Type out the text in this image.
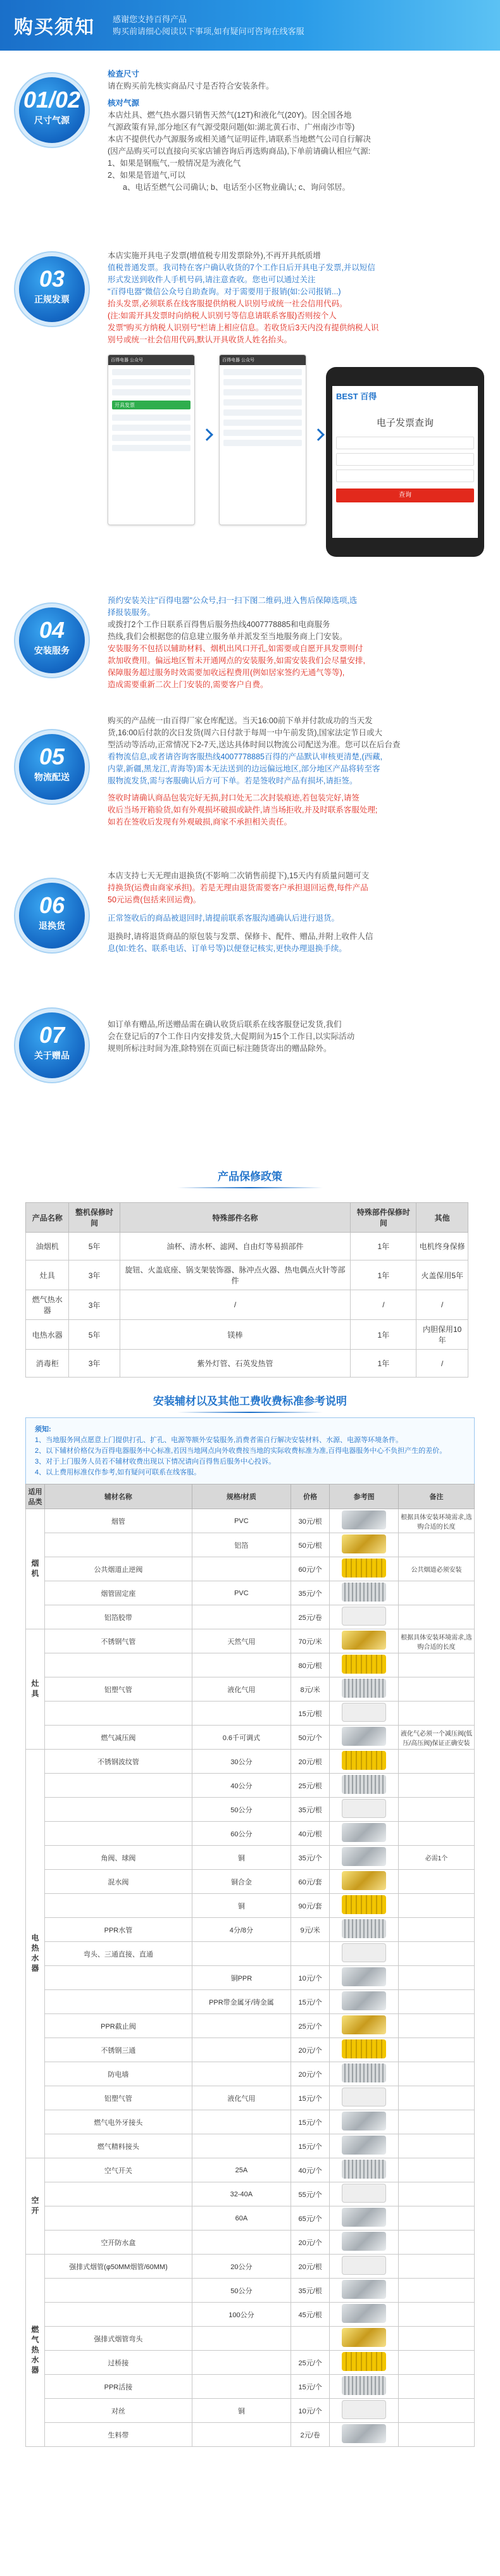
购买须知 感谢您支持百得产品
购买前请细心阅读以下事项,如有疑问可咨询在线客服
01/02
尺寸气源
检查尺寸
请在购买前先核实商品尺寸是否符合安装条件。
核对气源
本店灶具、燃气热水器只销售天然气(12T)和液化气(20Y)。因全国各地
气源政策有异,部分地区有气源受限问题(如:湖北黄石市、广州南沙市等)
本店不提供代办气源服务或相关通气证明证件,请联系当地燃气公司自行解决
(因产品购买可以直接向买家店铺咨询后再选购商品),下单前请确认相应气源:
1、如果是钢瓶气,一般情况是为液化气
2、如果是管道气,可以
a、电话至燃气公司确认; b、电话至小区物业确认; c、询问邻居。
03
正规发票
本店实施开具电子发票(增值税专用发票除外),不再开具纸质增
值税普通发票。我司特在客户确认收货的7个工作日后开具电子发票,并以短信
形式发送到收件人手机号码,请注意查收。您也可以通过关注
"百得电器"微信公众号自助查询。对于需要用于报销(如:公司报销...)
抬头发票,必须联系在线客服提供纳税人识别号或统一社会信用代码。
(注:如需开具发票时向纳税人识别号等信息请联系客服)否则按个人
发票"购买方纳税人识别号"栏请上相应信息。若收货后3天内没有提供纳税人识
别号或统一社会信用代码,默认开具收货人姓名抬头。
百得电器 公众号
开具发票
百得电器 公众号
BEST 百得
电子发票查询
查询
04
安装服务
预约安装关注"百得电器"公众号,扫一扫下图二维码,进入售后保障选项,选
择报装服务。
或拨打2个工作日联系百得售后服务热线4007778885和电商服务
热线,我们会根据您的信息建立服务单并派发至当地服务商上门安装。
安装服务不包括以辅助材料、烟机出风口开孔,如需要或自愿开具发票则付
款加收费用。偏远地区暂未开通网点的安装服务,如需安装我们会尽量安排,
保障服务超过服务时效需要加收远程费用(例如居家签约无通气等等),
造成需要重新二次上门安装的,需要客户自费。
05
物流配送
购买的产品统一由百得厂家仓库配送。当天16:00前下单并付款成功的当天发
货,16:00后付款的次日发货(周六日付款于每周一中午前发货),国家法定节日或大
型活动等活动,正常情况下2-7天,送达具体时间以物流公司配送为准。您可以在后台查
看物流信息,或者请咨询客服热线4007778885百得的产品默认审核更清楚,(西藏,
内蒙,新疆,黑龙江,青海等)需本无法送到的边远偏远地区,部分地区产品将转至客
服物流发货,需与客服确认后方可下单。若是签收时产品有损坏,请拒签。
签收时请确认商品包装完好无损,封口处无二次封装痕迹,若包装完好,请签
收后当场开箱验货,如有外观损坏破损或缺件,请当场拒收,并及时联系客服处理;
如若在签收后发现有外观破损,商家不承担相关责任。
06
退换货
本店支持七天无理由退换货(不影响二次销售前提下),15天内有质量问题可支
持换货(运费由商家承担)。若是无理由退货需要客户承担退回运费,每件产品
50元运费(包括来回运费)。
正常签收后的商品被退回时,请提前联系客服沟通确认后进行退货。
退换时,请将退货商品的原包装与发票、保修卡、配件、赠品,并附上收件人信
息(如:姓名、联系电话、订单号等)以便登记核实,更快办理退换手续。
07
关于赠品
如订单有赠品,所送赠品需在确认收货后联系在线客服登记发货,我们
会在登记后的7个工作日内安排发货,大促期间为15个工作日,以实际活动
规则所标注时间为准,除特别在页面已标注随货寄出的赠品除外。
产品保修政策
产品名称	整机保修时间	特殊部件名称	特殊部件保修时间	其他
油烟机	5年	油杯、清水杯、滤网、自由灯等易损部件	1年	电机终身保修
灶具	3年	旋钮、火盖底座、锅支架装饰器、脉冲点火器、热电偶点火针等部件	1年	火盖保用5年
燃气热水器	3年	/	/	/
电热水器	5年	镁棒	1年	内胆保用10年
消毒柜	3年	紫外灯管、石英发热管	1年	/
安装辅材以及其他工费收费标准参考说明
须知:
1、当地服务网点愿意上门提供打孔、扩孔、电源等额外安装服务,消费者需自行解决安装材料、水源、电源等环境条件。
2、以下辅材价格仅为百得电器服务中心标准,若因当地网点向外收费按当地的实际收费标准为准,百得电器服务中心不负担产生的差价。
3、对于上门服务人员若不辅材收费出现以下情况请向百得售后服务中心投诉。
4、以上费用标准仅作参考,如有疑问可联系在线客服。
适用品类	辅材名称	规格/材质	价格	参考图	备注
烟机	烟管	PVC	30元/根		根据具体安装环境需求,选购合适的长度
		铝箔	50元/根		
	公共烟道止逆阀		60元/个		公共烟道必须安装
	烟管固定座	PVC	35元/个		
	铝箔胶带		25元/卷		
灶具	不锈钢气管	天然气用	70元/米		根据具体安装环境需求,选购合适的长度
			80元/根		
	铝塑气管	液化气用	8元/米		
			15元/根		
	燃气减压阀	0.6千可调式	50元/个		液化气必须一个减压阀(低压/高压阀)保证正确安装
电热水器	不锈钢波纹管	30公分	20元/根		
		40公分	25元/根		
		50公分	35元/根		
		60公分	40元/根		
	角阀、球阀	铜	35元/个		必需1个
	混水阀	铜合金	60元/套		
		铜	90元/套		
	PPR水管	4分/8分	9元/米		
	弯头、三通直接、直通				
		铜PPR	10元/个		
		PPR带金属牙/铸金属	15元/个		
	PPR截止阀		25元/个		
	不锈钢三通		20元/个		
	防电墙		20元/个		
	铝塑气管	液化气用	15元/个		
	燃气电外牙接头		15元/个		
	燃气精料接头		15元/个		
空开	空气开关	25A	40元/个		
		32-40A	55元/个		
		60A	65元/个		
	空开防水盒		20元/个		
燃气热水器	强排式烟管(φ50MM烟管/60MM)	20公分	20元/根		
		50公分	35元/根		
		100公分	45元/根		
	强排式烟管弯头				
	过桥接		25元/个		
	PPR活接		15元/个		
	对丝	铜	10元/个		
	生料带		2元/卷		
